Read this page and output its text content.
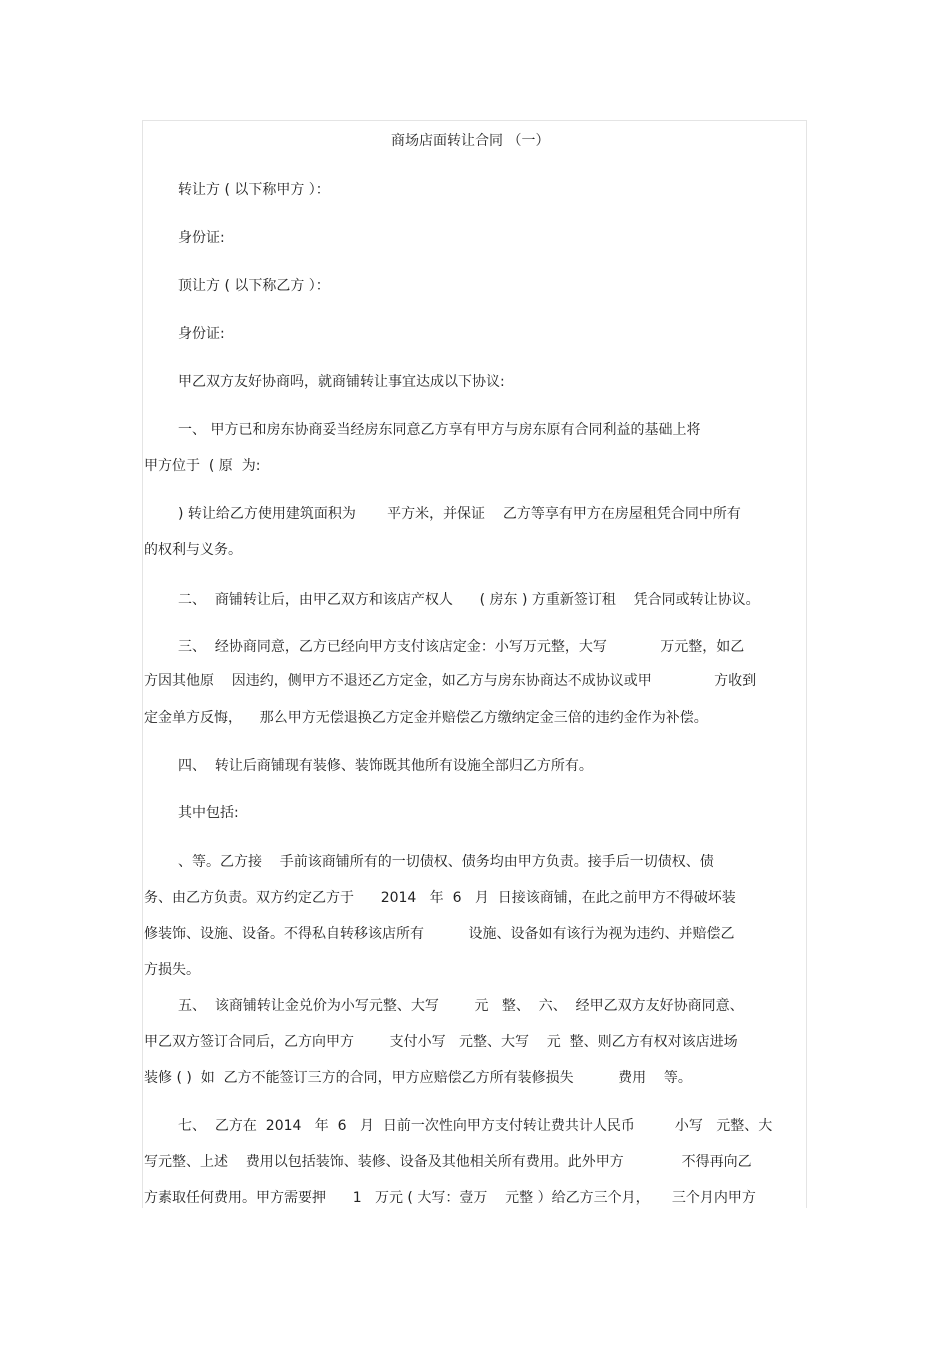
商场店面转让合同 （一）
转让方 ( 以下称甲方 ）：
身份证:
顶让方 ( 以下称乙方 ）：
身份证:
甲乙双方友好协商吗，就商铺转让事宜达成以下协议:
一、 甲方已和房东协商妥当经房东同意乙方享有甲方与房东原有合同利益的基础上将
甲方位于  ( 原  为:
) 转让给乙方使用建筑面积为       平方米，并保证    乙方等享有甲方在房屋租凭合同中所有
的权利与义务。
二、  商铺转让后，由甲乙双方和该店产权人      ( 房东 ) 方重新签订租    凭合同或转让协议。
三、  经协商同意，乙方已经向甲方支付该店定金：小写万元整，大写            万元整，如乙
方因其他原    因违约，侧甲方不退还乙方定金，如乙方与房东协商达不成协议或甲              方收到
定金单方反悔，    那么甲方无偿退换乙方定金并赔偿乙方缴纳定金三倍的违约金作为补偿。
四、  转让后商铺现有装修、装饰既其他所有设施全部归乙方所有。
其中包括:
、等。乙方接    手前该商铺所有的一切债权、债务均由甲方负责。接手后一切债权、债
务、由乙方负责。双方约定乙方于      2014   年  6   月  日接该商铺，在此之前甲方不得破坏装
修装饰、设施、设备。不得私自转移该店所有          设施、设备如有该行为视为违约、并赔偿乙
方损失。
五、  该商铺转让金兑价为小写元整、大写        元   整、  六、  经甲乙双方友好协商同意、
甲乙双方签订合同后，乙方向甲方        支付小写   元整、大写    元  整、则乙方有权对该店进场
装修 ( )  如  乙方不能签订三方的合同，甲方应赔偿乙方所有装修损失          费用    等。
七、  乙方在  2014   年  6   月  日前一次性向甲方支付转让费共计人民币         小写   元整、大
写元整、上述    费用以包括装饰、装修、设备及其他相关所有费用。此外甲方             不得再向乙
方素取任何费用。甲方需要押      1   万元 ( 大写：壹万    元整 ）给乙方三个月，     三个月内甲方
